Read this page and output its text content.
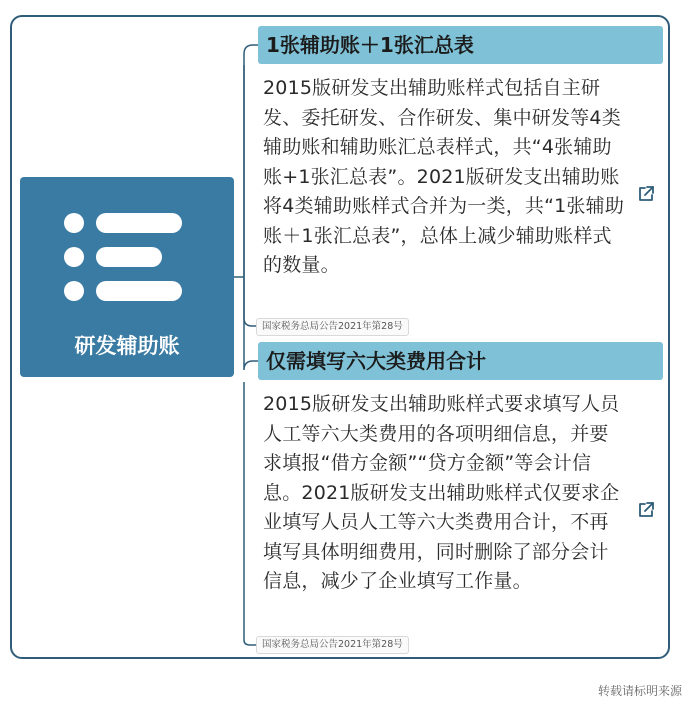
研发辅助账
1张辅助账＋1张汇总表
2015版研发支出辅助账样式包括自主研发、委托研发、合作研发、集中研发等4类辅助账和辅助账汇总表样式，共“4张辅助账+1张汇总表”。2021版研发支出辅助账将4类辅助账样式合并为一类，共“1张辅助账＋1张汇总表”，总体上减少辅助账样式的数量。
国家税务总局公告2021年第28号
仅需填写六大类费用合计
2015版研发支出辅助账样式要求填写人员人工等六大类费用的各项明细信息，并要求填报“借方金额”“贷方金额”等会计信息。2021版研发支出辅助账样式仅要求企业填写人员人工等六大类费用合计，不再填写具体明细费用，同时删除了部分会计信息，减少了企业填写工作量。
国家税务总局公告2021年第28号
转载请标明来源
